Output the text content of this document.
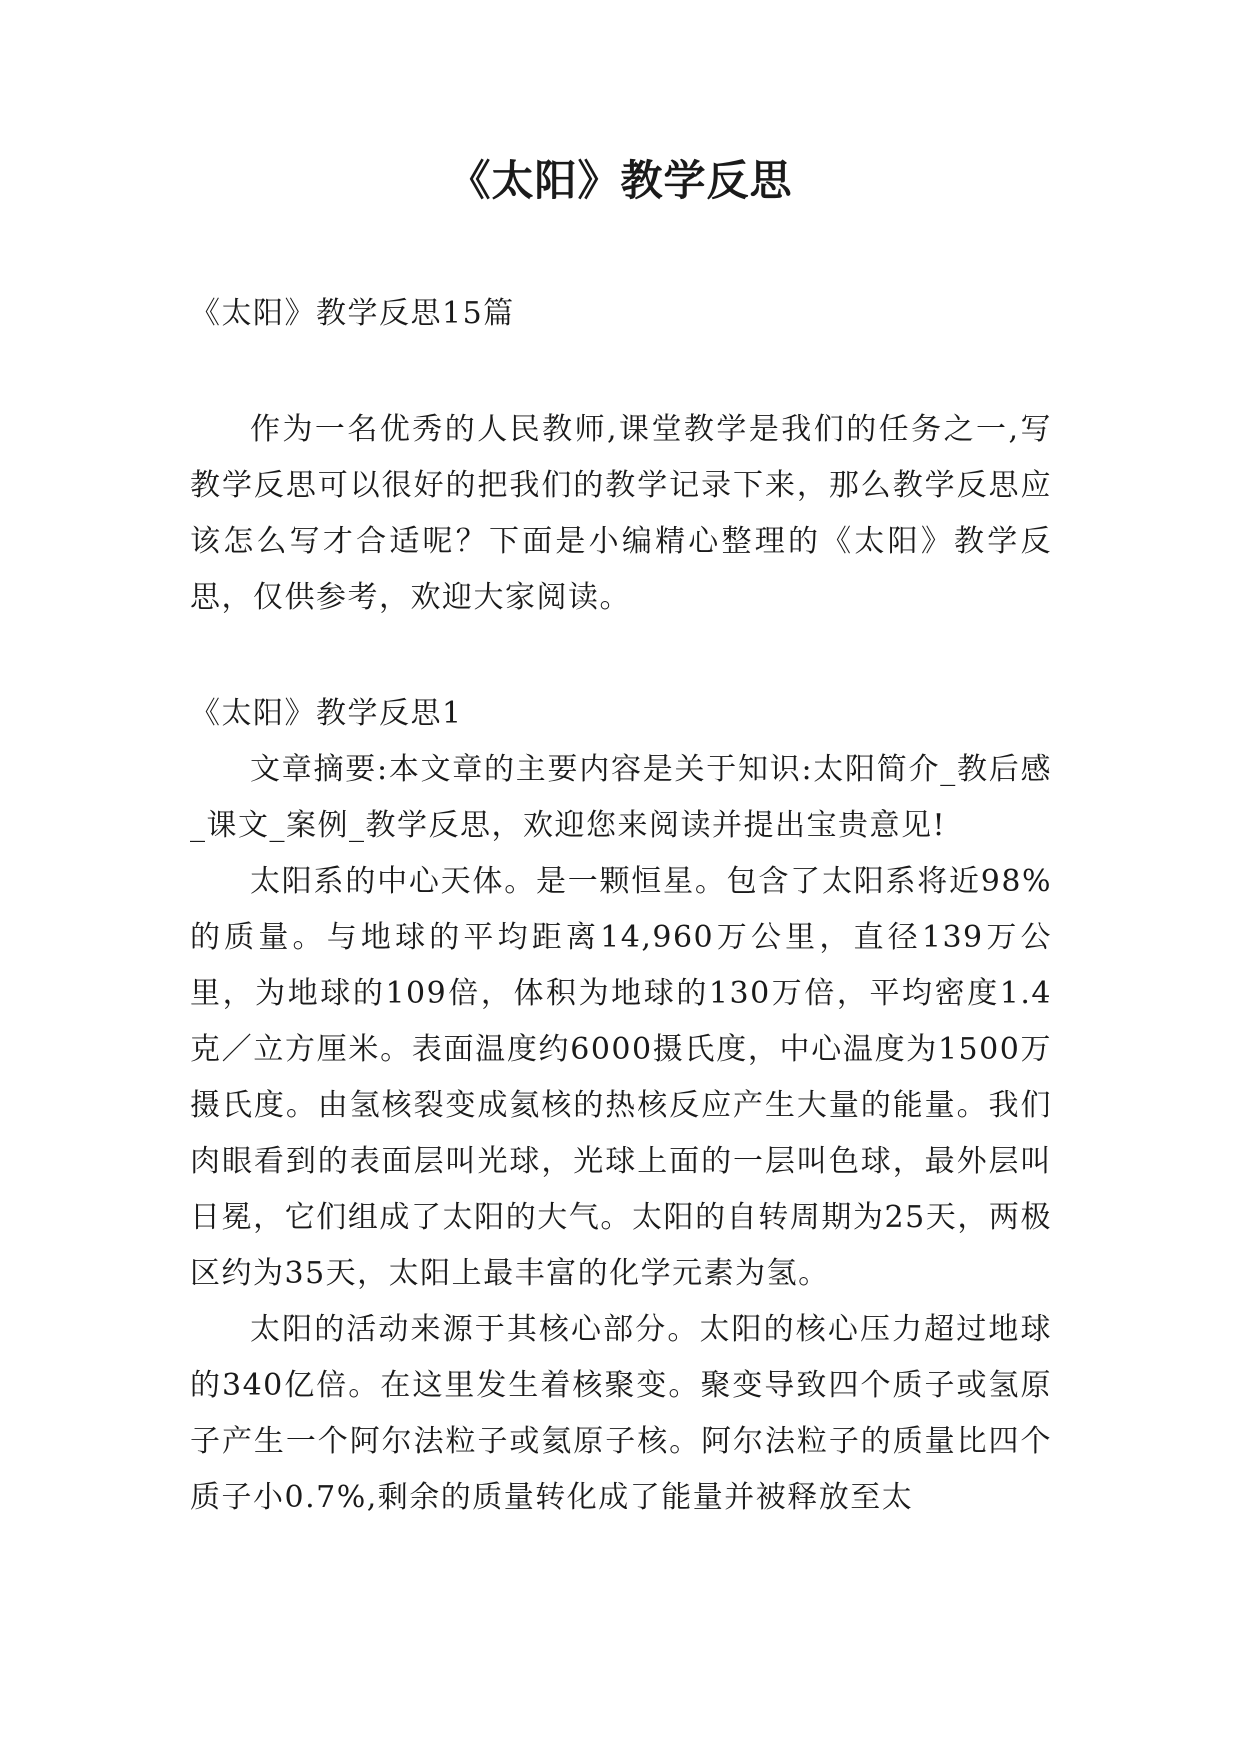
《太阳》教学反思

《太阳》教学反思15篇

作为一名优秀的人民教师,课堂教学是我们的任务之一,写教学反思可以很好的把我们的教学记录下来，那么教学反思应该怎么写才合适呢？下面是小编精心整理的《太阳》教学反思，仅供参考，欢迎大家阅读。

《太阳》教学反思1

文章摘要:本文章的主要内容是关于知识:太阳简介_教后感_课文_案例_教学反思，欢迎您来阅读并提出宝贵意见!

太阳系的中心天体。是一颗恒星。包含了太阳系将近98%的质量。与地球的平均距离14,960万公里，直径139万公里，为地球的109倍，体积为地球的130万倍，平均密度1.4克／立方厘米。表面温度约6000摄氏度，中心温度为1500万摄氏度。由氢核裂变成氦核的热核反应产生大量的能量。我们肉眼看到的表面层叫光球，光球上面的一层叫色球，最外层叫日冕，它们组成了太阳的大气。太阳的自转周期为25天，两极区约为35天，太阳上最丰富的化学元素为氢。

太阳的活动来源于其核心部分。太阳的核心压力超过地球的340亿倍。在这里发生着核聚变。聚变导致四个质子或氢原子产生一个阿尔法粒子或氦原子核。阿尔法粒子的质量比四个质子小0.7%,剩余的质量转化成了能量并被释放至太
